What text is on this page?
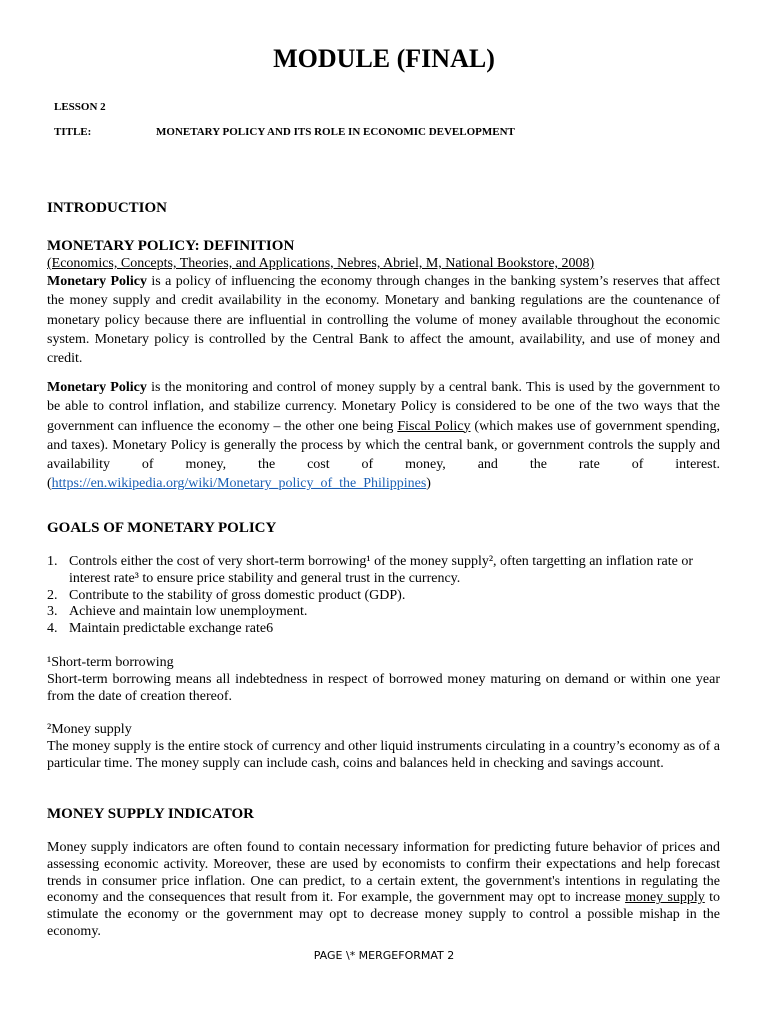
MODULE (FINAL)
LESSON 2
TITLE:	MONETARY POLICY AND ITS ROLE IN ECONOMIC DEVELOPMENT
INTRODUCTION
MONETARY POLICY: DEFINITION
(Economics, Concepts, Theories, and Applications, Nebres, Abriel, M, National Bookstore, 2008)
Monetary Policy is a policy of influencing the economy through changes in the banking system’s reserves that affect the money supply and credit availability in the economy. Monetary and banking regulations are the countenance of monetary policy because there are influential in controlling the volume of money available throughout the economic system. Monetary policy is controlled by the Central Bank to affect the amount, availability, and use of money and credit.
Monetary Policy is the monitoring and control of money supply by a central bank. This is used by the government to be able to control inflation, and stabilize currency. Monetary Policy is considered to be one of the two ways that the government can influence the economy – the other one being Fiscal Policy (which makes use of government spending, and taxes). Monetary Policy is generally the process by which the central bank, or government controls the supply and availability of money, the cost of money, and the rate of interest. (https://en.wikipedia.org/wiki/Monetary_policy_of_the_Philippines)
GOALS OF MONETARY POLICY
1. Controls either the cost of very short-term borrowing¹ of the money supply², often targetting an inflation rate or interest rate³ to ensure price stability and general trust in the currency.
2. Contribute to the stability of gross domestic product (GDP).
3. Achieve and maintain low unemployment.
4. Maintain predictable exchange rate6
¹Short-term borrowing
Short-term borrowing means all indebtedness in respect of borrowed money maturing on demand or within one year from the date of creation thereof.
²Money supply
The money supply is the entire stock of currency and other liquid instruments circulating in a country’s economy as of a particular time. The money supply can include cash, coins and balances held in checking and savings account.
MONEY SUPPLY INDICATOR
Money supply indicators are often found to contain necessary information for predicting future behavior of prices and assessing economic activity. Moreover, these are used by economists to confirm their expectations and help forecast trends in consumer price inflation. One can predict, to a certain extent, the government's intentions in regulating the economy and the consequences that result from it. For example, the government may opt to increase money supply to stimulate the economy or the government may opt to decrease money supply to control a possible mishap in the economy.
PAGE \* MERGEFORMAT 2
